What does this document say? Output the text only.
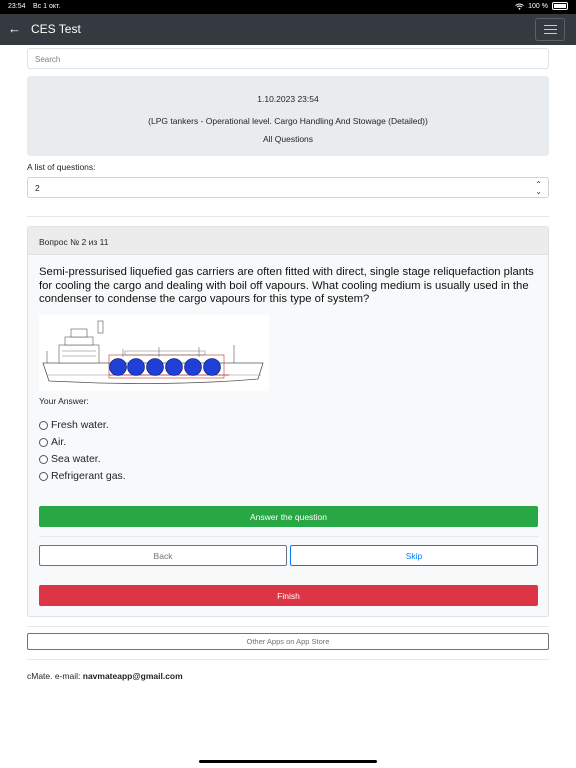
23:54 Вс 1 окт.	100 %
← CES Test
Search
1.10.2023 23:54
(LPG tankers - Operational level. Cargo Handling And Stowage (Detailed))
All Questions
A list of questions:
2	⌃
⌄
Вопрос № 2 из 11
Semi-pressurised liquefied gas carriers are often fitted with direct, single stage reliquefaction plants for cooling the cargo and dealing with boil off vapours. What cooling medium is usually used in the condenser to condense the cargo vapours for this type of system?
Your Answer:
Fresh water.
Air.
Sea water.
Refrigerant gas.
Answer the question
Back	Skip
Finish
Other Apps on App Store
cMate. e-mail: navmateapp@gmail.com
